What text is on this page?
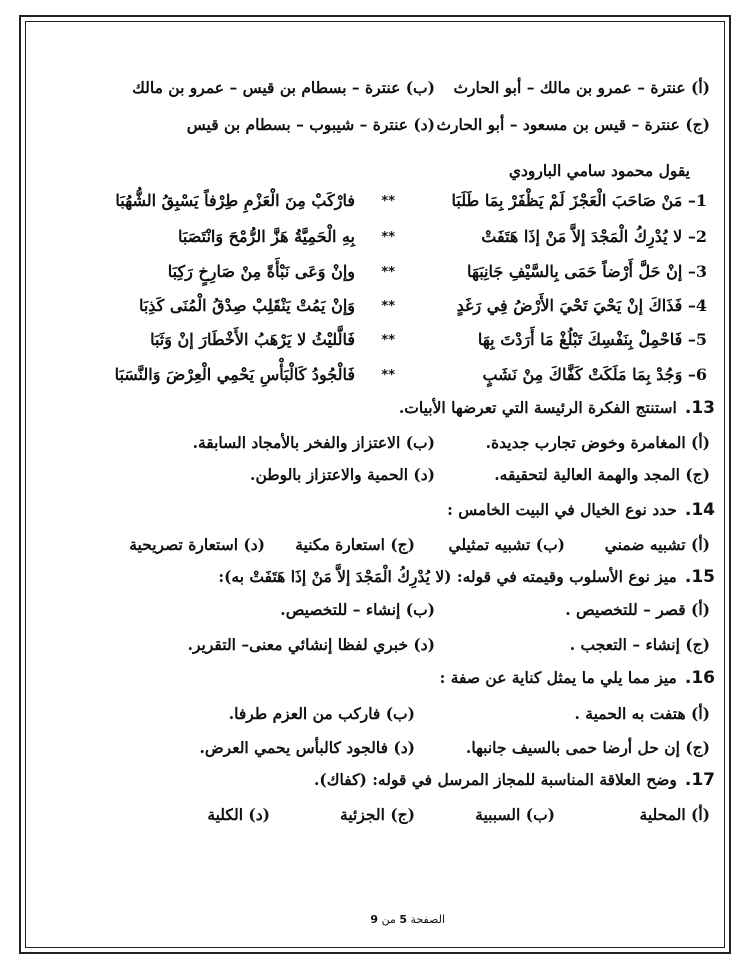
(أ) عنترة – عمرو بن مالك – أبو الحارث
(ب) عنترة – بسطام بن قيس – عمرو بن مالك
(ج) عنترة – قيس بن مسعود – أبو الحارث
(د) عنترة – شيبوب – بسطام بن قيس
يقول محمود سامي البارودي
1– مَنْ صَاحَبَ الْعَجْزَ لَمْ يَظْفَرْ بِمَا طَلَبَا
**
فارْكَبْ مِنَ الْعَزْمِ طِرْفاً يَسْبِقُ الشُّهُبَا
2– لا يُدْرِكُ الْمَجْدَ إلاَّ مَنْ إذَا هَتَفَتْ
**
بِهِ الْحَمِيَّةُ هَزَّ الرُّمْحَ وَانْتَصَبَا
3– إنْ حَلَّ أَرْضاً حَمَى بِالسَّيْفِ جَانِبَهَا
**
وإنْ وَعَى نَبْأَةً مِنْ صَارِخٍ رَكِبَا
4– فَذَاكَ إنْ يَحْيَ تَحْيَ الأَرْضُ فِي رَغَدٍ
**
وَإنْ يَمُتْ يَنْقَلِبْ صِدْقُ الْمُنَى كَذِبَا
5– فَاحْمِلْ بِنَفْسِكَ تَبْلُغْ مَا أَرَدْتَ بِهَا
**
فَالَّليْثُ لا يَرْهَبُ الأَخْطَارَ إنْ وَثَبَا
6– وَجُدْ بِمَا مَلَكَتْ كَفَّاكَ مِنْ نَشَبٍ
**
فَالْجُودُ كَالْبَأْسِ يَحْمِي الْعِرْضَ وَالنَّسَبَا
13.استنتج الفكرة الرئيسة التي تعرضها الأبيات.
(أ) المغامرة وخوض تجارب جديدة.
(ب) الاعتزاز والفخر بالأمجاد السابقة.
(ج) المجد والهمة العالية لتحقيقه.
(د) الحمية والاعتزاز بالوطن.
14.حدد نوع الخيال في البيت الخامس :
(أ) تشبيه ضمني
(ب) تشبيه تمثيلي
(ج) استعارة مكنية
(د) استعارة تصريحية
15.ميز نوع الأسلوب وقيمته في قوله: (لا يُدْرِكُ الْمَجْدَ إلاَّ مَنْ إذَا هَتَفَتْ به):
(أ) قصر – للتخصيص .
(ب) إنشاء – للتخصيص.
(ج) إنشاء – التعجب .
(د) خبري لفظا إنشائي معنى– التقرير.
16.ميز مما يلي ما يمثل كناية عن صفة :
(أ) هتفت به الحمية .
(ب) فاركب من العزم طرفا.
(ج) إن حل أرضا حمى بالسيف جانبها.
(د) فالجود كالبأس يحمي العرض.
17.وضح العلاقة المناسبة للمجاز المرسل في قوله: (كفاك).
(أ) المحلية
(ب) السببية
(ج) الجزئية
(د) الكلية
الصفحة 5 من 9
